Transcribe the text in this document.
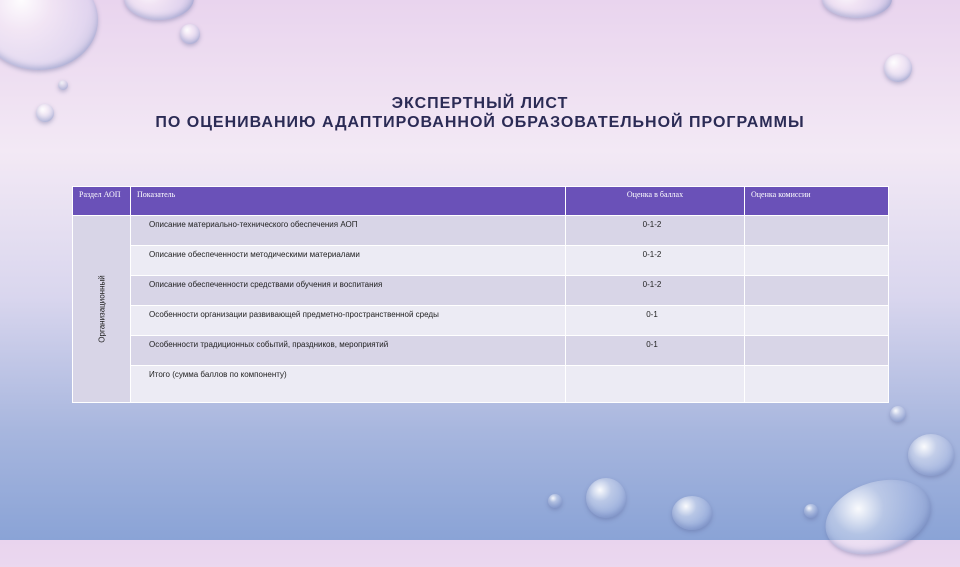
ЭКСПЕРТНЫЙ ЛИСТ
ПО ОЦЕНИВАНИЮ АДАПТИРОВАННОЙ ОБРАЗОВАТЕЛЬНОЙ ПРОГРАММЫ
Раздел АОП	Показатель	Оценка в баллах	Оценка комиссии

Организационный	Описание материально-технического обеспечения АОП	0-1-2	
	Описание обеспеченности методическими материалами	0-1-2	
	Описание обеспеченности средствами обучения и воспитания	0-1-2	
	Особенности организации развивающей предметно-пространственной среды	0-1	
	Особенности традиционных событий, праздников, мероприятий	0-1	
	Итого (сумма баллов по компоненту)		
